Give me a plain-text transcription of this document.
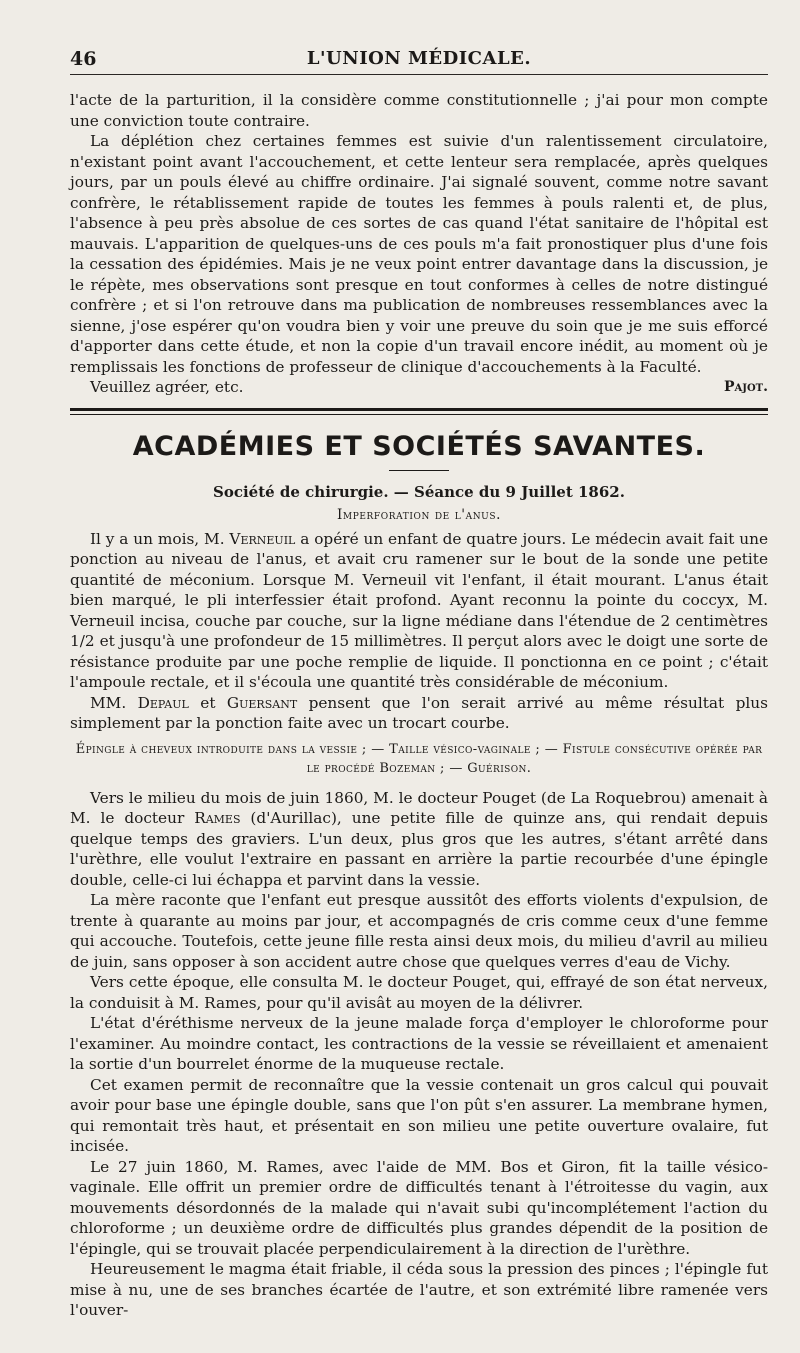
46	L'UNION MÉDICALE.

l'acte de la parturition, il la considère comme constitutionnelle ; j'ai pour mon compte une conviction toute contraire.

La déplétion chez certaines femmes est suivie d'un ralentissement circulatoire, n'existant point avant l'accouchement, et cette lenteur sera remplacée, après quelques jours, par un pouls élevé au chiffre ordinaire. J'ai signalé souvent, comme notre savant confrère, le rétablissement rapide de toutes les femmes à pouls ralenti et, de plus, l'absence à peu près absolue de ces sortes de cas quand l'état sanitaire de l'hôpital est mauvais. L'apparition de quelques-uns de ces pouls m'a fait pronostiquer plus d'une fois la cessation des épidémies. Mais je ne veux point entrer davantage dans la discussion, je le répète, mes observations sont presque en tout conformes à celles de notre distingué confrère ; et si l'on retrouve dans ma publication de nombreuses ressemblances avec la sienne, j'ose espérer qu'on voudra bien y voir une preuve du soin que je me suis efforcé d'apporter dans cette étude, et non la copie d'un travail encore inédit, au moment où je remplissais les fonctions de professeur de clinique d'accouchements à la Faculté.

Veuillez agréer, etc.	Pajot.
ACADÉMIES ET SOCIÉTÉS SAVANTES.
Société de chirurgie. — Séance du 9 Juillet 1862.
Imperforation de l'anus.

Il y a un mois, M. Verneuil a opéré un enfant de quatre jours. Le médecin avait fait une ponction au niveau de l'anus, et avait cru ramener sur le bout de la sonde une petite quantité de méconium. Lorsque M. Verneuil vit l'enfant, il était mourant. L'anus était bien marqué, le pli interfessier était profond. Ayant reconnu la pointe du coccyx, M. Verneuil incisa, couche par couche, sur la ligne médiane dans l'étendue de 2 centimètres 1/2 et jusqu'à une profondeur de 15 millimètres. Il perçut alors avec le doigt une sorte de résistance produite par une poche remplie de liquide. Il ponctionna en ce point ; c'était l'ampoule rectale, et il s'écoula une quantité très considérable de méconium.

MM. Depaul et Guersant pensent que l'on serait arrivé au même résultat plus simplement par la ponction faite avec un trocart courbe.

Épingle à cheveux introduite dans la vessie ; — Taille vésico-vaginale ; — Fistule consécutive opérée par le procédé Bozeman ; — Guérison.

Vers le milieu du mois de juin 1860, M. le docteur Pouget (de La Roquebrou) amenait à M. le docteur Rames (d'Aurillac), une petite fille de quinze ans, qui rendait depuis quelque temps des graviers. L'un deux, plus gros que les autres, s'étant arrêté dans l'urèthre, elle voulut l'extraire en passant en arrière la partie recourbée d'une épingle double, celle-ci lui échappa et parvint dans la vessie.

La mère raconte que l'enfant eut presque aussitôt des efforts violents d'expulsion, de trente à quarante au moins par jour, et accompagnés de cris comme ceux d'une femme qui accouche. Toutefois, cette jeune fille resta ainsi deux mois, du milieu d'avril au milieu de juin, sans opposer à son accident autre chose que quelques verres d'eau de Vichy.

Vers cette époque, elle consulta M. le docteur Pouget, qui, effrayé de son état nerveux, la conduisit à M. Rames, pour qu'il avisât au moyen de la délivrer.

L'état d'éréthisme nerveux de la jeune malade força d'employer le chloroforme pour l'examiner. Au moindre contact, les contractions de la vessie se réveillaient et amenaient la sortie d'un bourrelet énorme de la muqueuse rectale.

Cet examen permit de reconnaître que la vessie contenait un gros calcul qui pouvait avoir pour base une épingle double, sans que l'on pût s'en assurer. La membrane hymen, qui remontait très haut, et présentait en son milieu une petite ouverture ovalaire, fut incisée.

Le 27 juin 1860, M. Rames, avec l'aide de MM. Bos et Giron, fit la taille vésico-vaginale. Elle offrit un premier ordre de difficultés tenant à l'étroitesse du vagin, aux mouvements désordonnés de la malade qui n'avait subi qu'incomplétement l'action du chloroforme ; un deuxième ordre de difficultés plus grandes dépendit de la position de l'épingle, qui se trouvait placée perpendiculairement à la direction de l'urèthre.

Heureusement le magma était friable, il céda sous la pression des pinces ; l'épingle fut mise à nu, une de ses branches écartée de l'autre, et son extrémité libre ramenée vers l'ouver-
